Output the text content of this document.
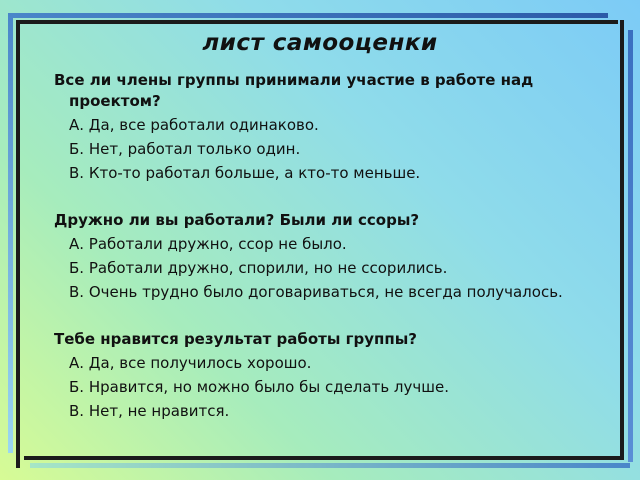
лист самооценки

Все ли члены группы принимали участие в работе над проектом?

А. Да, все работали одинаково.

Б. Нет, работал только один.

В. Кто-то работал больше, а кто-то меньше.

Дружно ли вы работали? Были ли ссоры?

А. Работали дружно, ссор не было.

Б. Работали дружно, спорили, но не ссорились.

В. Очень трудно было договариваться, не всегда получалось.

Тебе нравится результат работы группы?

А. Да, все получилось хорошо.

Б. Нравится, но можно было бы сделать лучше.

В. Нет, не нравится.
